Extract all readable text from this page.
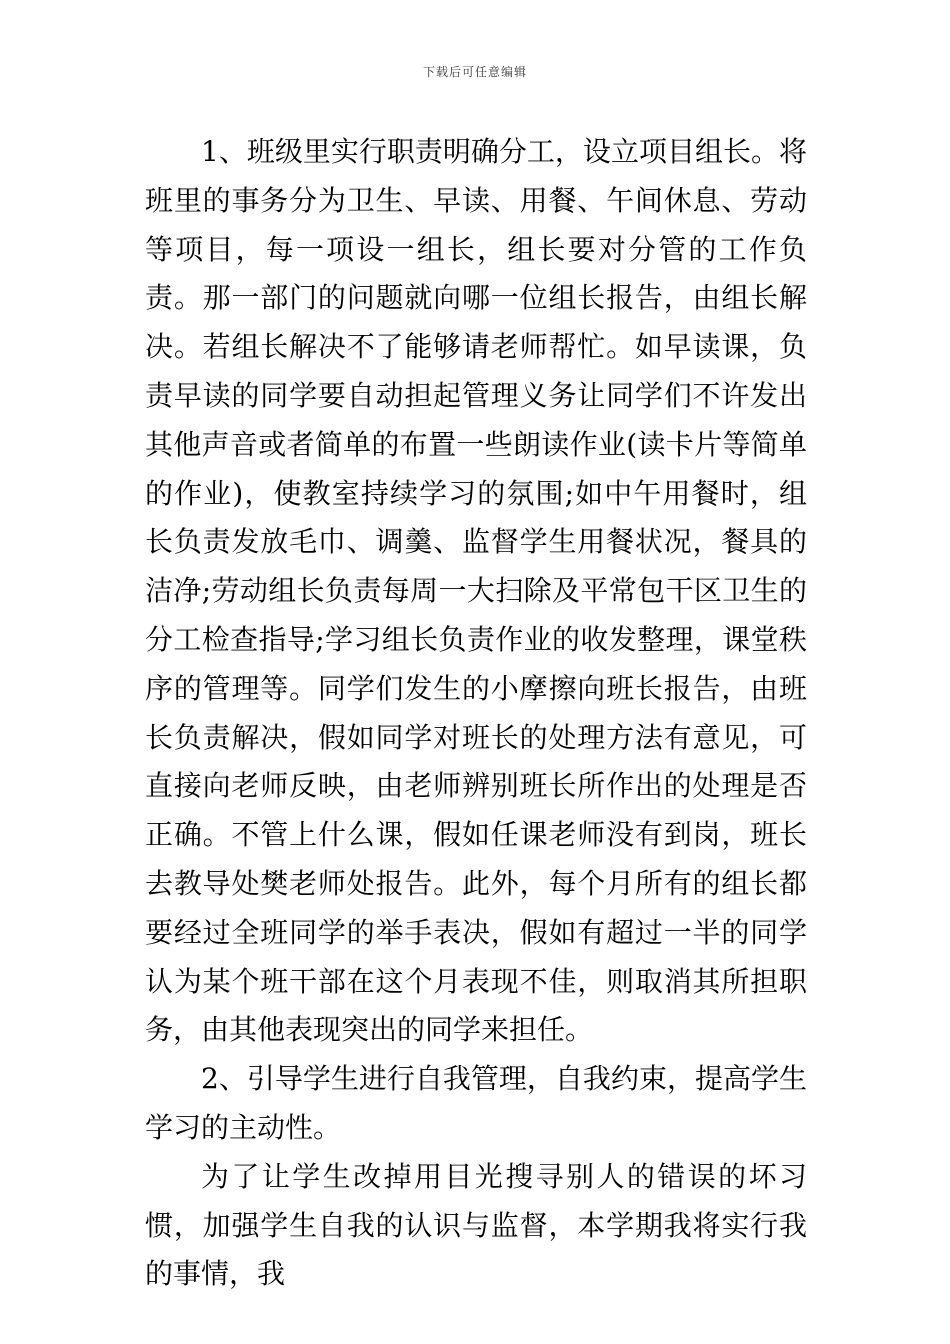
下载后可任意编辑

1、班级里实行职责明确分工，设立项目组长。将班里的事务分为卫生、早读、用餐、午间休息、劳动等项目，每一项设一组长，组长要对分管的工作负责。那一部门的问题就向哪一位组长报告，由组长解决。若组长解决不了能够请老师帮忙。如早读课，负责早读的同学要自动担起管理义务让同学们不许发出其他声音或者简单的布置一些朗读作业(读卡片等简单的作业)，使教室持续学习的氛围;如中午用餐时，组长负责发放毛巾、调羹、监督学生用餐状况，餐具的洁净;劳动组长负责每周一大扫除及平常包干区卫生的分工检查指导;学习组长负责作业的收发整理，课堂秩序的管理等。同学们发生的小摩擦向班长报告，由班长负责解决，假如同学对班长的处理方法有意见，可直接向老师反映，由老师辨别班长所作出的处理是否正确。不管上什么课，假如任课老师没有到岗，班长去教导处樊老师处报告。此外，每个月所有的组长都要经过全班同学的举手表决，假如有超过一半的同学认为某个班干部在这个月表现不佳，则取消其所担职务，由其他表现突出的同学来担任。

2、引导学生进行自我管理，自我约束，提高学生学习的主动性。

为了让学生改掉用目光搜寻别人的错误的坏习惯，加强学生自我的认识与监督，本学期我将实行我的事情，我
